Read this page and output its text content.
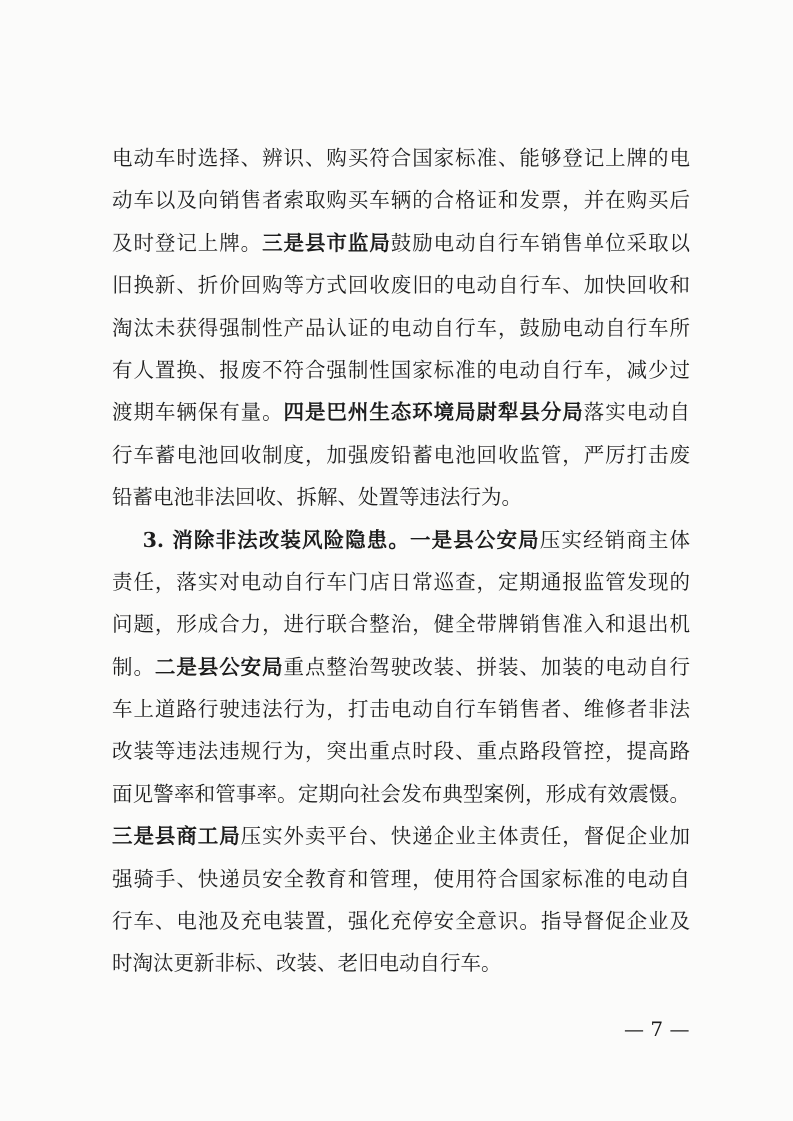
电动车时选择、辨识、购买符合国家标准、能够登记上牌的电
动车以及向销售者索取购买车辆的合格证和发票，并在购买后
及时登记上牌。三是县市监局鼓励电动自行车销售单位采取以
旧换新、折价回购等方式回收废旧的电动自行车、加快回收和
淘汰未获得强制性产品认证的电动自行车，鼓励电动自行车所
有人置换、报废不符合强制性国家标准的电动自行车，减少过
渡期车辆保有量。四是巴州生态环境局尉犁县分局落实电动自
行车蓄电池回收制度，加强废铅蓄电池回收监管，严厉打击废
铅蓄电池非法回收、拆解、处置等违法行为。
3. 消除非法改装风险隐患。一是县公安局压实经销商主体
责任，落实对电动自行车门店日常巡查，定期通报监管发现的
问题，形成合力，进行联合整治，健全带牌销售准入和退出机
制。二是县公安局重点整治驾驶改装、拼装、加装的电动自行
车上道路行驶违法行为，打击电动自行车销售者、维修者非法
改装等违法违规行为，突出重点时段、重点路段管控，提高路
面见警率和管事率。定期向社会发布典型案例，形成有效震慑。
三是县商工局压实外卖平台、快递企业主体责任，督促企业加
强骑手、快递员安全教育和管理，使用符合国家标准的电动自
行车、电池及充电装置，强化充停安全意识。指导督促企业及
时淘汰更新非标、改装、老旧电动自行车。
— 7 —
